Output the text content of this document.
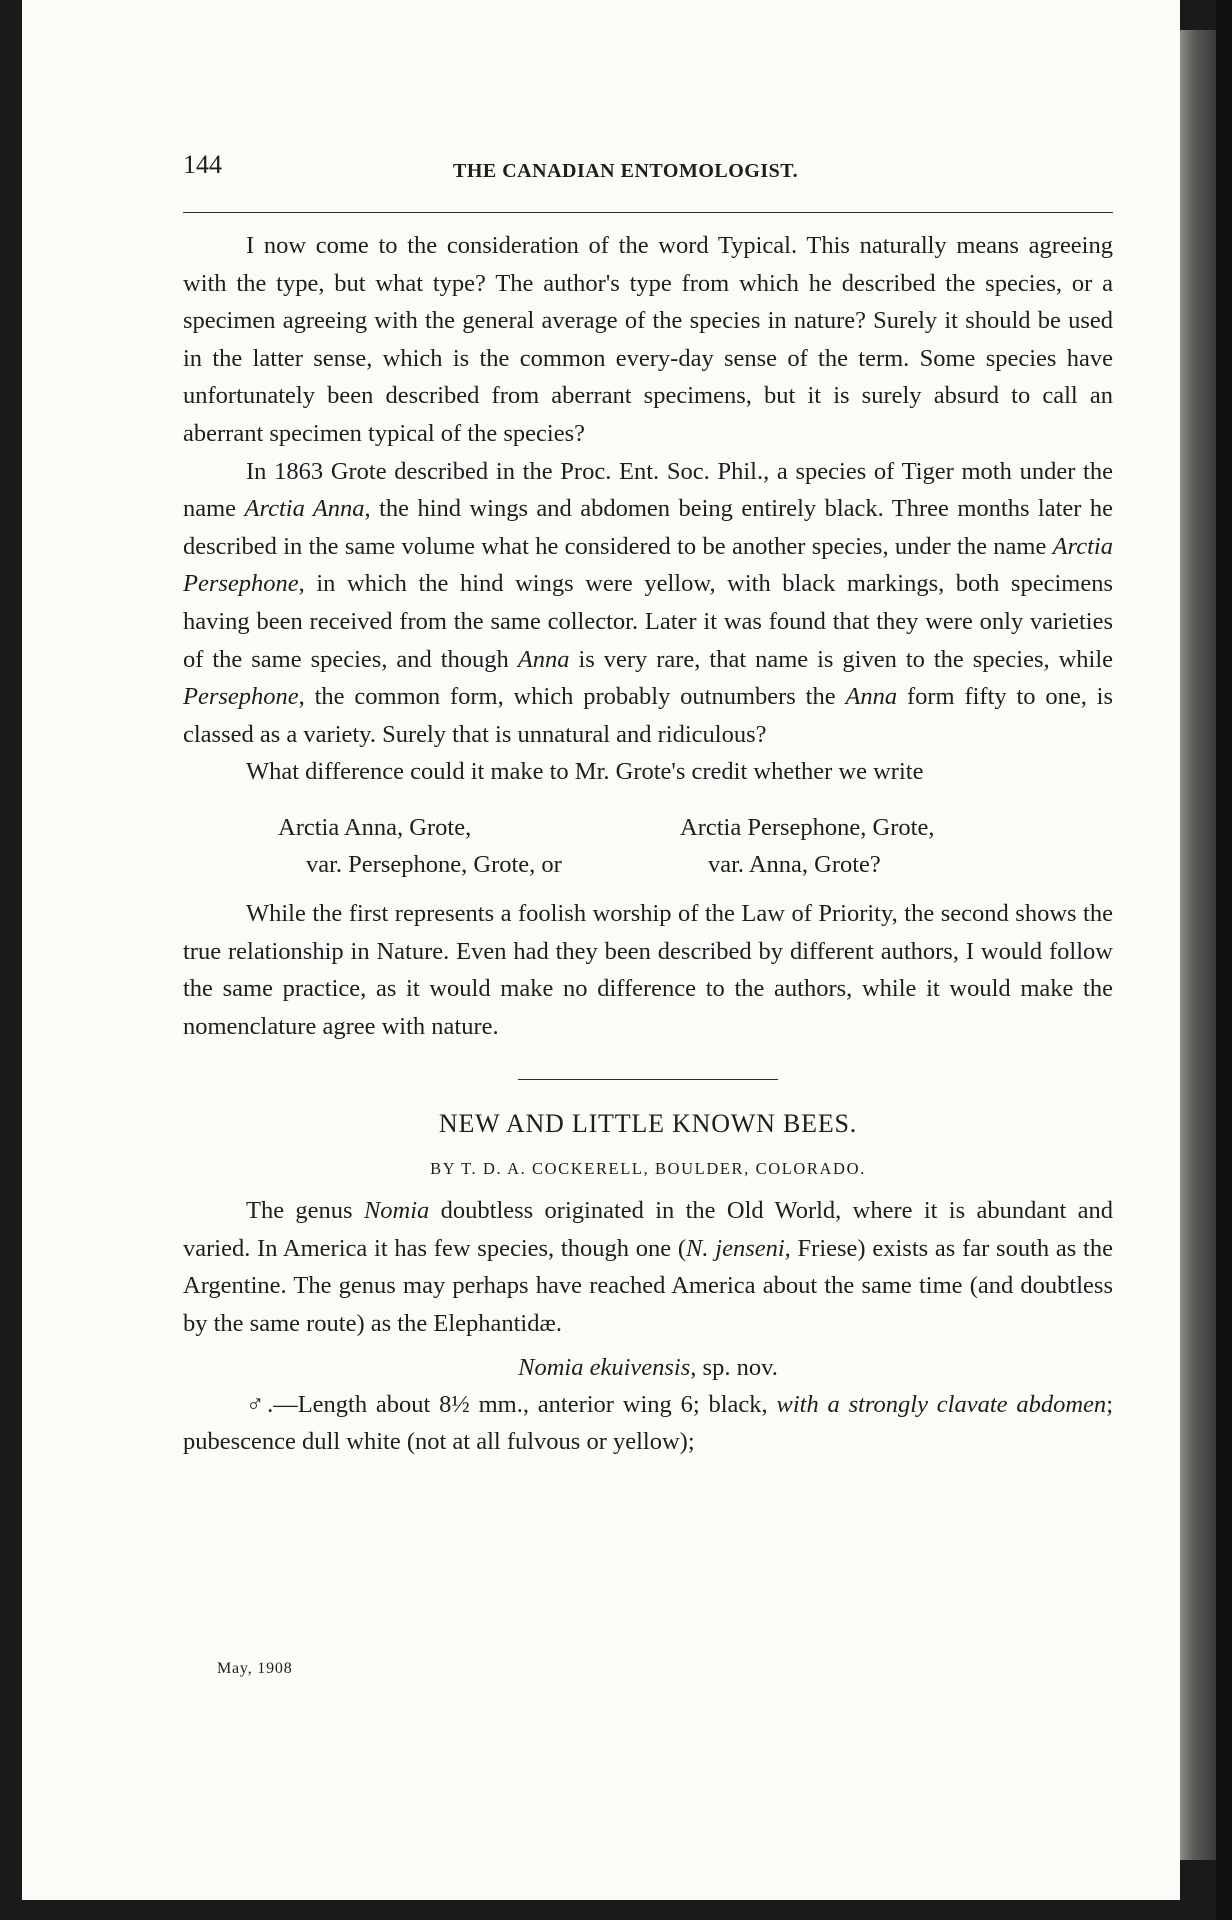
144	THE CANADIAN ENTOMOLOGIST.

I now come to the consideration of the word Typical. This naturally means agreeing with the type, but what type? The author's type from which he described the species, or a specimen agreeing with the general average of the species in nature? Surely it should be used in the latter sense, which is the common every-day sense of the term. Some species have unfortunately been described from aberrant specimens, but it is surely absurd to call an aberrant specimen typical of the species?

In 1863 Grote described in the Proc. Ent. Soc. Phil., a species of Tiger moth under the name Arctia Anna, the hind wings and abdomen being entirely black. Three months later he described in the same volume what he considered to be another species, under the name Arctia Persephone, in which the hind wings were yellow, with black markings, both specimens having been received from the same collector. Later it was found that they were only varieties of the same species, and though Anna is very rare, that name is given to the species, while Persephone, the common form, which probably outnumbers the Anna form fifty to one, is classed as a variety. Surely that is unnatural and ridiculous?

What difference could it make to Mr. Grote's credit whether we write

Arctia Anna, Grote,
var. Persephone, Grote, or
Arctia Persephone, Grote,
var. Anna, Grote?

While the first represents a foolish worship of the Law of Priority, the second shows the true relationship in Nature. Even had they been described by different authors, I would follow the same practice, as it would make no difference to the authors, while it would make the nomenclature agree with nature.

NEW AND LITTLE KNOWN BEES.
BY T. D. A. COCKERELL, BOULDER, COLORADO.

The genus Nomia doubtless originated in the Old World, where it is abundant and varied. In America it has few species, though one (N. jenseni, Friese) exists as far south as the Argentine. The genus may perhaps have reached America about the same time (and doubtless by the same route) as the Elephantidæ.

Nomia ekuivensis, sp. nov.

♂.—Length about 8½ mm., anterior wing 6; black, with a strongly clavate abdomen; pubescence dull white (not at all fulvous or yellow);

May, 1908
